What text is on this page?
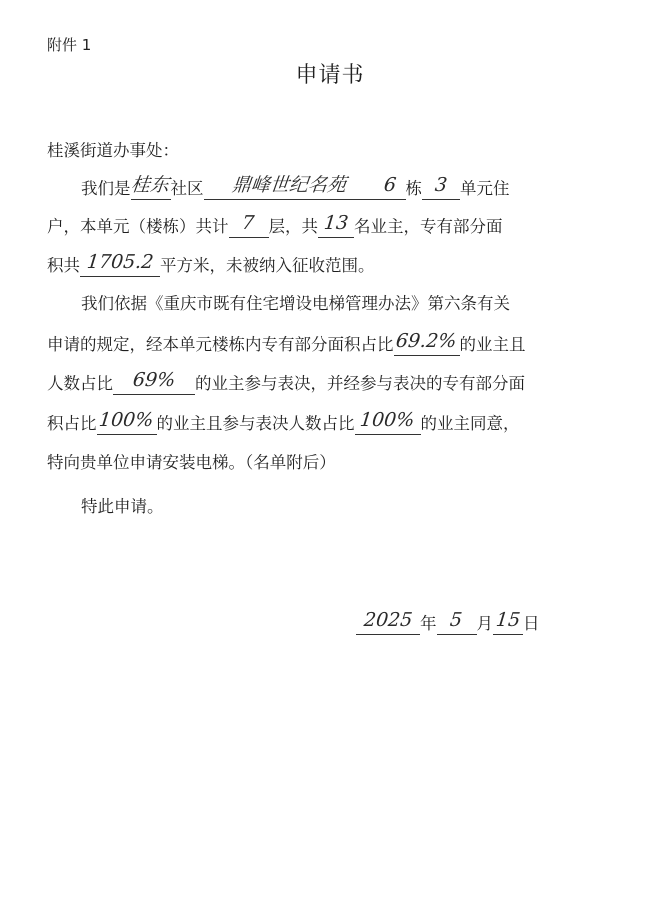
附件 1
申请书
桂溪街道办事处：
我们是桂东社区 鼎峰世纪名苑 6 栋 3 单元住
户，本单元（楼栋）共计 7 层，共 13 名业主，专有部分面
积共 1705.2 平方米，未被纳入征收范围。
我们依据《重庆市既有住宅增设电梯管理办法》第六条有关
申请的规定，经本单元楼栋内专有部分面积占比69.2% 的业主且
人数占比 69% 的业主参与表决，并经参与表决的专有部分面
积占比100% 的业主且参与表决人数占比 100% 的业主同意，
特向贵单位申请安装电梯。（名单附后）
特此申请。
2025 年 5 月15 日
